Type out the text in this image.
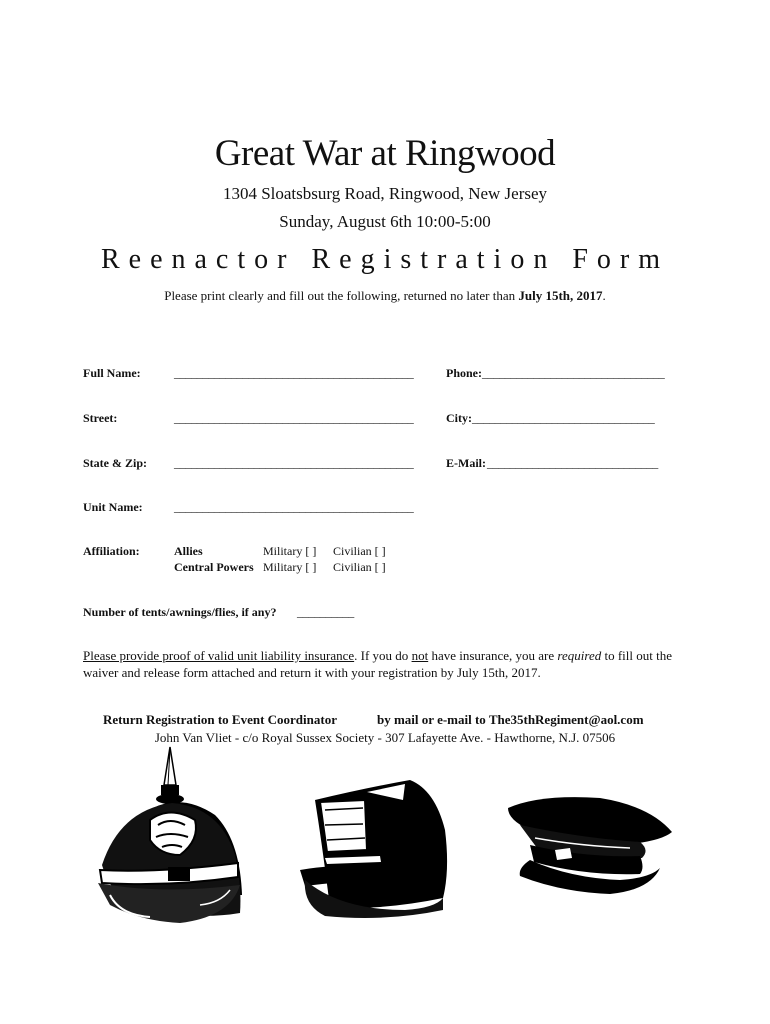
Great War at Ringwood
1304 Sloatsbsurg Road, Ringwood, New Jersey
Sunday, August 6th 10:00-5:00
Reenactor Registration Form
Please print clearly and fill out the following, returned no later than July 15th, 2017.
Full Name:	__________________________________________	Phone: ________________________________
Street:	__________________________________________	City: ________________________________
State & Zip: __________________________________________	E-Mail: ______________________________
Unit Name:	__________________________________________
Affiliation:	Allies	Military [ ] Civilian [ ]
Central Powers Military [ ] Civilian [ ]
Number of tents/awnings/flies, if any? __________
Please provide proof of valid unit liability insurance. If you do not have insurance, you are required to fill out the waiver and release form attached and return it with your registration by July 15th, 2017.
Return Registration to Event Coordinator	by mail or e-mail to The35thRegiment@aol.com
John Van Vliet - c/o Royal Sussex Society - 307 Lafayette Ave. - Hawthorne, N.J. 07506
